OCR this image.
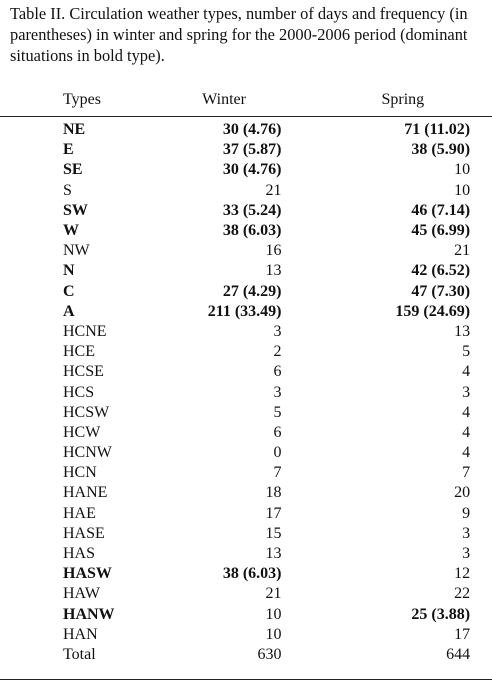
Table II. Circulation weather types, number of days and frequency (in parentheses) in winter and spring for the 2000-2006 period (dominant situations in bold type).

Types	Winter	Spring	
NE	30 (4.76)	71 (11.02)	
E	37 (5.87)	38 (5.90)	
SE	30 (4.76)	10	
S	21	10	
SW	33 (5.24)	46 (7.14)	
W	38 (6.03)	45 (6.99)	
NW	16	21	
N	13	42 (6.52)	
C	27 (4.29)	47 (7.30)	
A	211 (33.49)	159 (24.69)	
HCNE	3	13	
HCE	2	5	
HCSE	6	4	
HCS	3	3	
HCSW	5	4	
HCW	6	4	
HCNW	0	4	
HCN	7	7	
HANE	18	20	
HAE	17	9	
HASE	15	3	
HAS	13	3	
HASW	38 (6.03)	12	
HAW	21	22	
HANW	10	25 (3.88)	
HAN	10	17	
Total	630	644	
